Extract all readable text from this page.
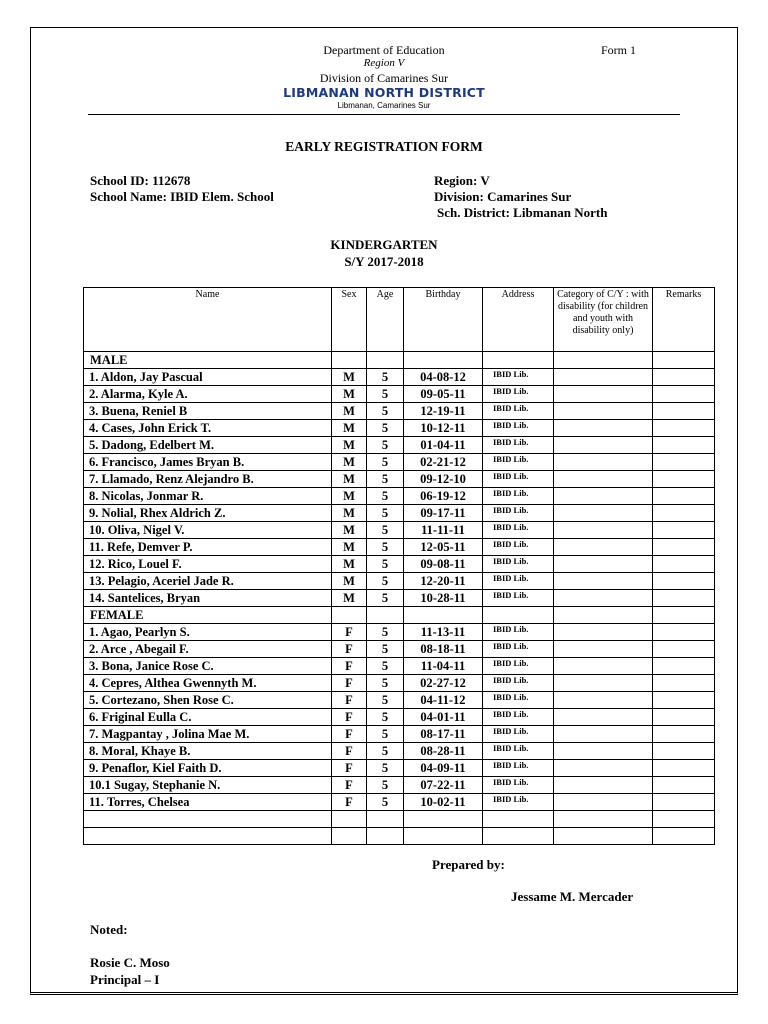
Department of Education	Form 1
Region V
Division of Camarines Sur
LIBMANAN NORTH DISTRICT
Libmanan, Camarines Sur
EARLY REGISTRATION FORM
School ID: 112678
School Name: IBID Elem. School
Region: V
Division: Camarines Sur
Sch. District: Libmanan North
KINDERGARTEN
S/Y 2017-2018
Name	Sex	Age	Birthday	Address	Category of C/Y : with disability (for children and youth with disability only)	Remarks
MALE						
1. Aldon, Jay Pascual	M	5	04-08-12	IBID Lib.		
2. Alarma, Kyle A.	M	5	09-05-11	IBID Lib.		
3. Buena, Reniel B	M	5	12-19-11	IBID Lib.		
4. Cases, John Erick T.	M	5	10-12-11	IBID Lib.		
5. Dadong, Edelbert M.	M	5	01-04-11	IBID Lib.		
6. Francisco, James Bryan B.	M	5	02-21-12	IBID Lib.		
7. Llamado, Renz Alejandro B.	M	5	09-12-10	IBID Lib.		
8. Nicolas, Jonmar R.	M	5	06-19-12	IBID Lib.		
9. Nolial, Rhex Aldrich Z.	M	5	09-17-11	IBID Lib.		
10. Oliva, Nigel V.	M	5	11-11-11	IBID Lib.		
11. Refe, Demver P.	M	5	12-05-11	IBID Lib.		
12. Rico, Louel F.	M	5	09-08-11	IBID Lib.		
13. Pelagio, Aceriel Jade R.	M	5	12-20-11	IBID Lib.		
14. Santelices, Bryan	M	5	10-28-11	IBID Lib.		
FEMALE						
1. Agao, Pearlyn S.	F	5	11-13-11	IBID Lib.		
2. Arce , Abegail F.	F	5	08-18-11	IBID Lib.		
3. Bona, Janice Rose C.	F	5	11-04-11	IBID Lib.		
4. Cepres, Althea Gwennyth M.	F	5	02-27-12	IBID Lib.		
5. Cortezano, Shen Rose C.	F	5	04-11-12	IBID Lib.		
6. Friginal Eulla C.	F	5	04-01-11	IBID Lib.		
7. Magpantay , Jolina Mae M.	F	5	08-17-11	IBID Lib.		
8. Moral, Khaye B.	F	5	08-28-11	IBID Lib.		
9. Penaflor, Kiel Faith D.	F	5	04-09-11	IBID Lib.		
10.1 Sugay, Stephanie N.	F	5	07-22-11	IBID Lib.		
11. Torres, Chelsea	F	5	10-02-11	IBID Lib.		

Prepared by:
Jessame M. Mercader
Noted:
Rosie C. Moso
Principal – I
